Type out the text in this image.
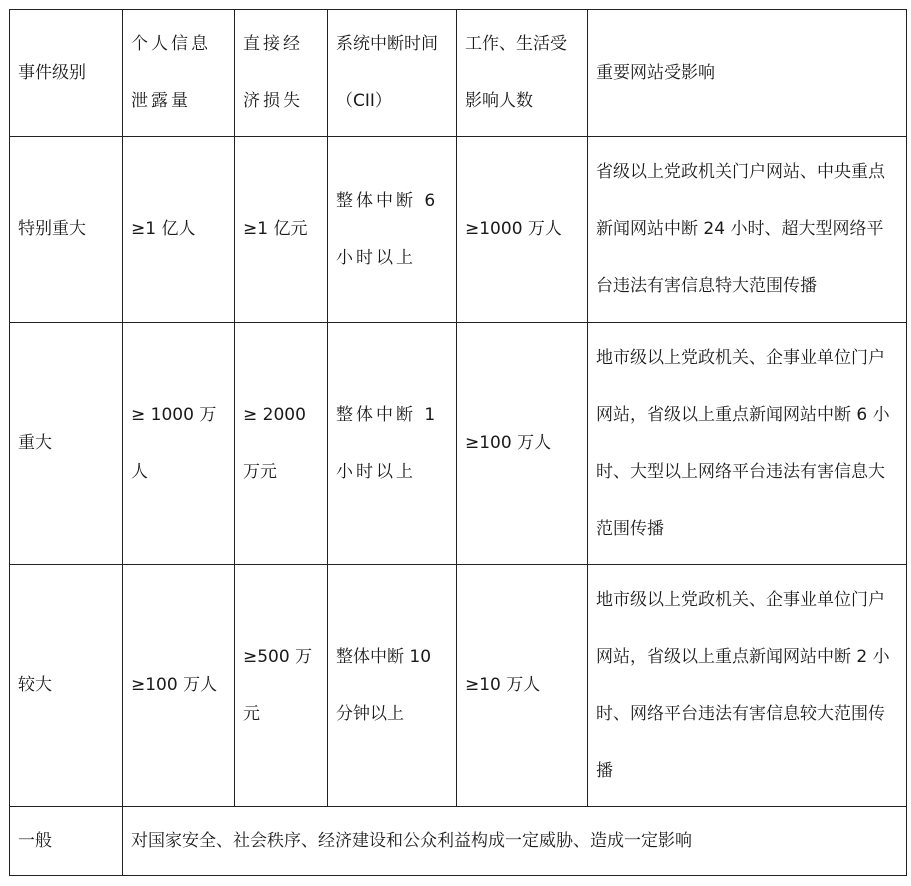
事件级别	个人信息泄露量	直接经济损失	系统中断时间（CII）	工作、生活受影响人数	重要网站受影响
特别重大	≥1 亿人	≥1 亿元	整体中断 6 小时以上	≥1000 万人	省级以上党政机关门户网站、中央重点新闻网站中断 24 小时、超大型网络平台违法有害信息特大范围传播
重大	≥ 1000 万人	≥ 2000 万元	整体中断 1 小时以上	≥100 万人	地市级以上党政机关、企事业单位门户网站，省级以上重点新闻网站中断 6 小时、大型以上网络平台违法有害信息大范围传播
较大	≥100 万人	≥500 万元	整体中断 10 分钟以上	≥10 万人	地市级以上党政机关、企事业单位门户网站，省级以上重点新闻网站中断 2 小时、网络平台违法有害信息较大范围传播
一般	对国家安全、社会秩序、经济建设和公众利益构成一定威胁、造成一定影响				
